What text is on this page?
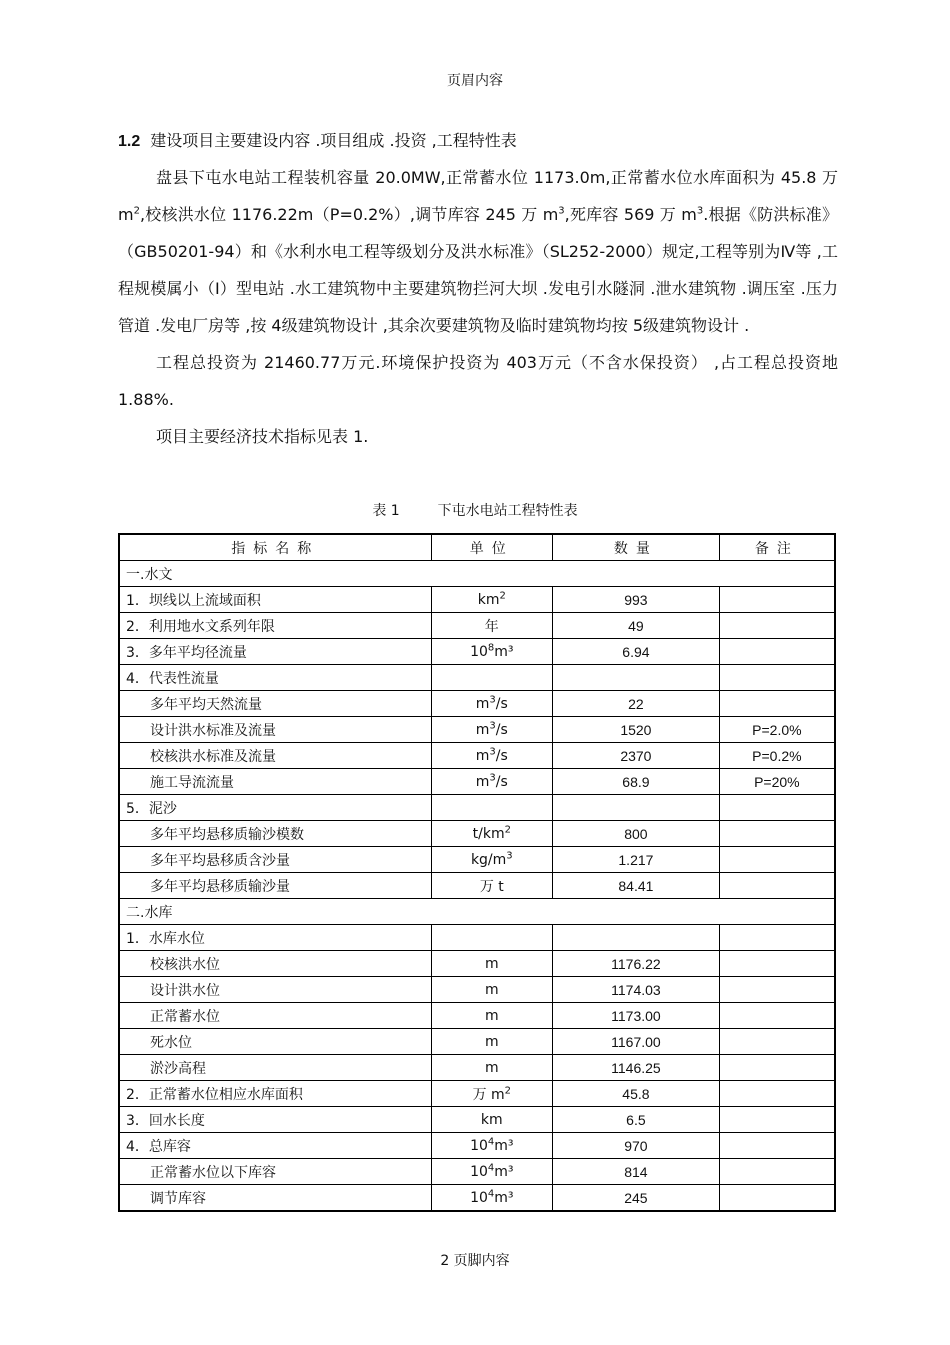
页眉内容
1.2 建设项目主要建设内容 .项目组成 .投资 ,工程特性表

盘县下屯水电站工程装机容量 20.0MW,正常蓄水位 1173.0m,正常蓄水位水库面积为 45.8 万 $m^2$,校核洪水位 1176.22m（P=0.2%）,调节库容 245 万 $m^3$,死库容 569 万 $m^3$.根据《防洪标准》（GB50201-94）和《水利水电工程等级划分及洪水标准》（SL252-2000）规定,工程等别为Ⅳ等 ,工程规模属小（Ⅰ）型电站 .水工建筑物中主要建筑物拦河大坝 .发电引水隧洞 .泄水建筑物 .调压室 .压力管道 .发电厂房等 ,按 4级建筑物设计 ,其余次要建筑物及临时建筑物均按 5级建筑物设计 .

工程总投资为 21460.77万元.环境保护投资为 403万元（不含水保投资） ,占工程总投资地 1.88%.

项目主要经济技术指标见表 1.

表 1	下屯水电站工程特性表
指标名称	单位	数量	备注
一.水文			
1．坝线以上流域面积	$km^2$	993	
2．利用地水文系列年限	年	49	
3．多年平均径流量	$10^8m^3$	6.94	
4．代表性流量			
多年平均天然流量	$m^3/s$	22	
设计洪水标准及流量	$m^3/s$	1520	P=2.0%
校核洪水标准及流量	$m^3/s$	2370	P=0.2%
施工导流流量	$m^3/s$	68.9	P=20%
5．泥沙			
多年平均悬移质输沙模数	$t/km^2$	800	
多年平均悬移质含沙量	$kg/m^3$	1.217	
多年平均悬移质输沙量	万 t	84.41	
二.水库			
1．水库水位			
校核洪水位	m	1176.22	
设计洪水位	m	1174.03	
正常蓄水位	m	1173.00	
死水位	m	1167.00	
淤沙高程	m	1146.25	
2．正常蓄水位相应水库面积	万 $m^2$	45.8	
3．回水长度	km	6.5	
4．总库容	$10^4m^3$	970	
正常蓄水位以下库容	$10^4m^3$	814	
调节库容	$10^4m^3$	245	
2 页脚内容
